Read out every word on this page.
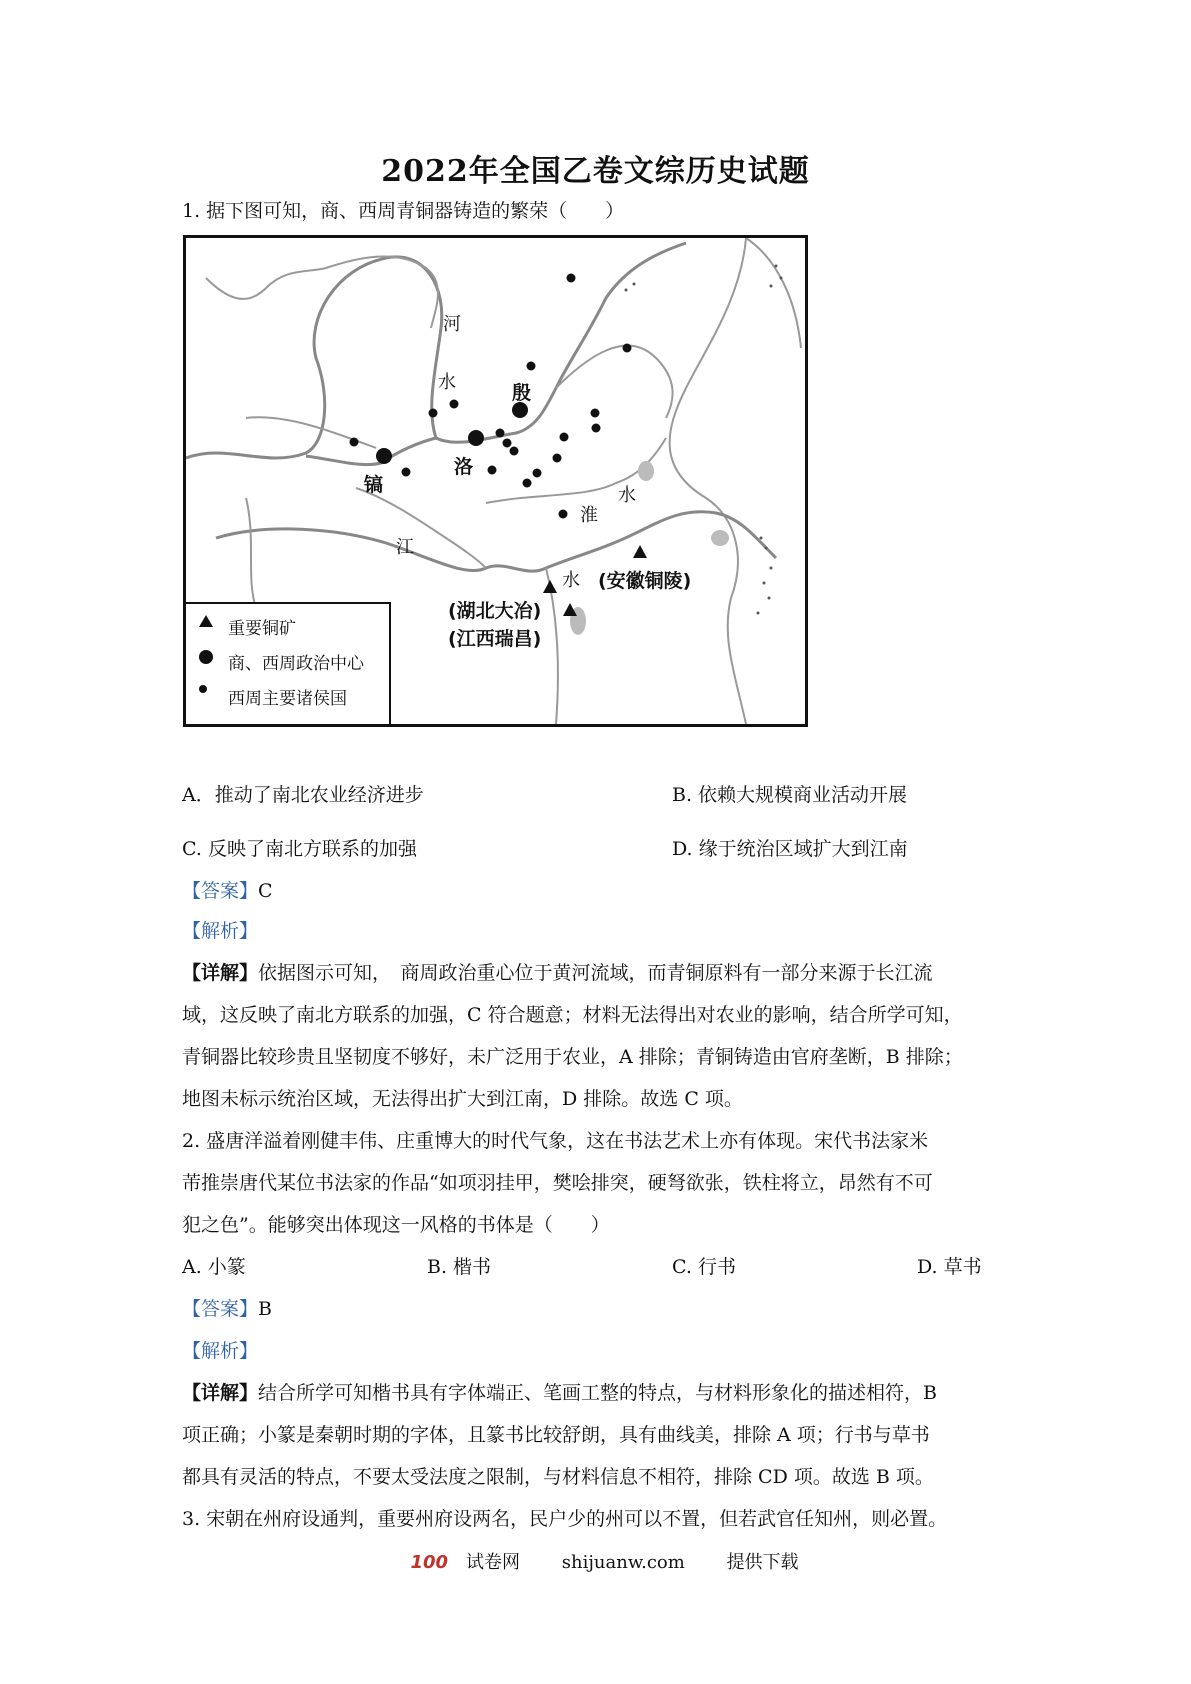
2022年全国乙卷文综历史试题
1. 据下图可知，商、西周青铜器铸造的繁荣（　　）
河
水	殷
镐
洛
水
淮
江
水 (安徽铜陵)
(湖北大冶)
(江西瑞昌)
重要铜矿
商、西周政治中心
西周主要诸侯国
A．推动了南北农业经济进步	B. 依赖大规模商业活动开展
C. 反映了南北方联系的加强	D. 缘于统治区域扩大到江南
【答案】C
【解析】
【详解】依据图示可知，　商周政治重心位于黄河流域，而青铜原料有一部分来源于长江流
域，这反映了南北方联系的加强，C 符合题意；材料无法得出对农业的影响，结合所学可知，
青铜器比较珍贵且坚韧度不够好，未广泛用于农业，A 排除；青铜铸造由官府垄断，B 排除；
地图未标示统治区域，无法得出扩大到江南，D 排除。故选 C 项。
2. 盛唐洋溢着刚健丰伟、庄重博大的时代气象，这在书法艺术上亦有体现。宋代书法家米
芾推崇唐代某位书法家的作品“如项羽挂甲，樊哙排突，硬弩欲张，铁柱将立，昂然有不可
犯之色”。能够突出体现这一风格的书体是（　　）
A. 小篆	B. 楷书	C. 行书	D. 草书
【答案】B
【解析】
【详解】结合所学可知楷书具有字体端正、笔画工整的特点，与材料形象化的描述相符，B
项正确；小篆是秦朝时期的字体，且篆书比较舒朗，具有曲线美，排除 A 项；行书与草书
都具有灵活的特点，不要太受法度之限制，与材料信息不相符，排除 CD 项。故选 B 项。
3. 宋朝在州府设通判，重要州府设两名，民户少的州可以不置，但若武官任知州，则必置。
100 试卷网 shijuanw.com 提供下载
